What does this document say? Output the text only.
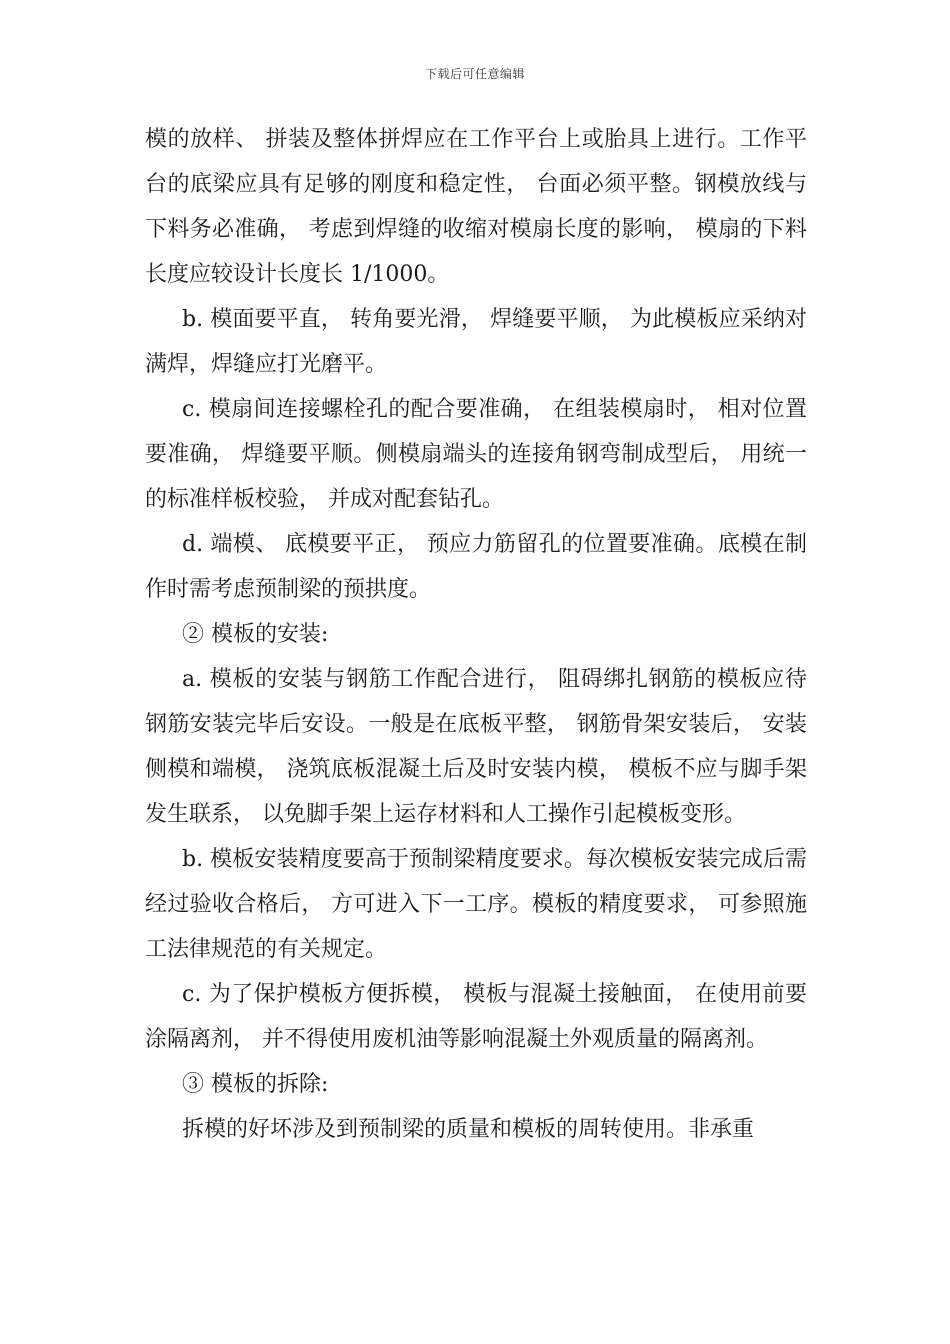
下载后可任意编辑

模的放样、 拼装及整体拼焊应在工作平台上或胎具上进行。工作平台的底梁应具有足够的刚度和稳定性， 台面必须平整。钢模放线与下料务必准确， 考虑到焊缝的收缩对模扇长度的影响， 模扇的下料长度应较设计长度长 1/1000。

b. 模面要平直， 转角要光滑， 焊缝要平顺， 为此模板应采纳对满焊，焊缝应打光磨平。

c. 模扇间连接螺栓孔的配合要准确， 在组装模扇时， 相对位置要准确， 焊缝要平顺。侧模扇端头的连接角钢弯制成型后， 用统一的标准样板校验， 并成对配套钻孔。

d. 端模、 底模要平正， 预应力筋留孔的位置要准确。底模在制作时需考虑预制梁的预拱度。

② 模板的安装:

a. 模板的安装与钢筋工作配合进行， 阻碍绑扎钢筋的模板应待钢筋安装完毕后安设。一般是在底板平整， 钢筋骨架安装后， 安装侧模和端模， 浇筑底板混凝土后及时安装内模， 模板不应与脚手架发生联系， 以免脚手架上运存材料和人工操作引起模板变形。

b. 模板安装精度要高于预制梁精度要求。每次模板安装完成后需经过验收合格后， 方可进入下一工序。模板的精度要求， 可参照施工法律规范的有关规定。

c. 为了保护模板方便拆模， 模板与混凝土接触面， 在使用前要涂隔离剂， 并不得使用废机油等影响混凝土外观质量的隔离剂。

③ 模板的拆除:

拆模的好坏涉及到预制梁的质量和模板的周转使用。非承重
